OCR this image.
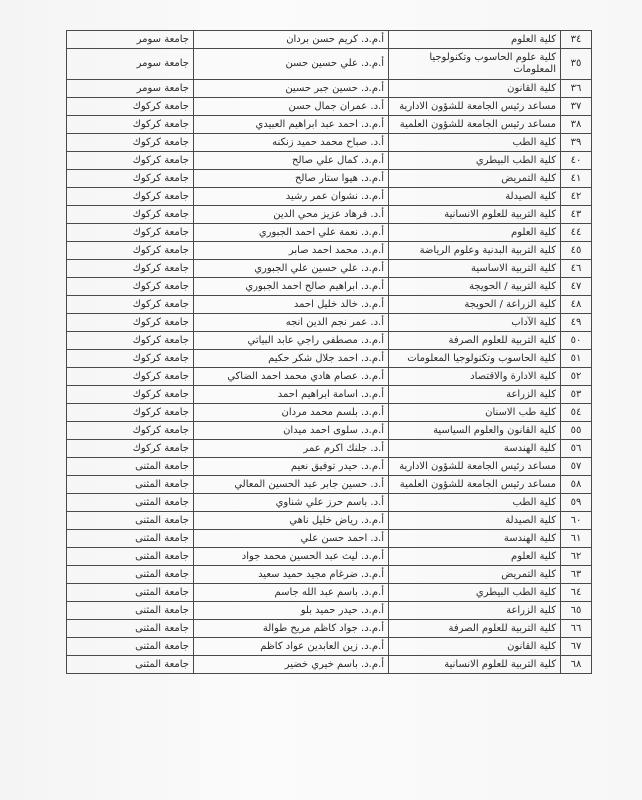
٣٤	كلية العلوم	أ.م.د. كريم حسن بردان	جامعة سومر
٣٥	كلية علوم الحاسوب وتكنولوجيا المعلومات	أ.م.د. علي حسين حسن	جامعة سومر
٣٦	كلية القانون	أ.م.د. حسين جبر حسين	جامعة سومر
٣٧	مساعد رئيس الجامعة للشؤون الادارية	أ.د. عمران جمال حسن	جامعة كركوك
٣٨	مساعد رئيس الجامعة للشؤون العلمية	أ.م.د. احمد عبد ابراهيم العبيدي	جامعة كركوك
٣٩	كلية الطب	أ.د. صباح محمد حميد زنكنه	جامعة كركوك
٤٠	كلية الطب البيطري	أ.م.د. كمال علي صالح	جامعة كركوك
٤١	كلية التمريض	أ.م.د. هيوا ستار صالح	جامعة كركوك
٤٢	كلية الصيدلة	أ.م.د. نشوان عمر رشيد	جامعة كركوك
٤٣	كلية التربية للعلوم الانسانية	أ.د. فرهاد عزيز محي الدين	جامعة كركوك
٤٤	كلية العلوم	أ.م.د. نعمة علي احمد الجبوري	جامعة كركوك
٤٥	كلية التربية البدنية وعلوم الرياضة	أ.م.د. محمد احمد صابر	جامعة كركوك
٤٦	كلية التربية الاساسية	أ.م.د. علي حسين علي الجبوري	جامعة كركوك
٤٧	كلية التربية / الحويجة	أ.م.د. ابراهيم صالح احمد الجبوري	جامعة كركوك
٤٨	كلية الزراعة / الحويجة	أ.م.د. خالد خليل احمد	جامعة كركوك
٤٩	كلية الآداب	أ.د. عمر نجم الدين انجه	جامعة كركوك
٥٠	كلية التربية للعلوم الصرفة	أ.م.د. مصطفى راجي عابد البياتي	جامعة كركوك
٥١	كلية الحاسوب وتكنولوجيا المعلومات	أ.م.د. احمد جلال شكر حكيم	جامعة كركوك
٥٢	كلية الادارة والاقتصاد	أ.م.د. عصام هادي محمد احمد الضاكي	جامعة كركوك
٥٣	كلية الزراعة	أ.م.د. اسامة ابراهيم احمد	جامعة كركوك
٥٤	كلية طب الاسنان	أ.م.د. بلسم محمد مردان	جامعة كركوك
٥٥	كلية القانون والعلوم السياسية	أ.م.د. سلوى احمد ميدان	جامعة كركوك
٥٦	كلية الهندسة	أ.د. جلنك اكرم عمر	جامعة كركوك
٥٧	مساعد رئيس الجامعة للشؤون الادارية	أ.م.د. حيدر توفيق نعيم	جامعة المثنى
٥٨	مساعد رئيس الجامعة للشؤون العلمية	أ.د. حسين جابر عبد الحسين المعالي	جامعة المثنى
٥٩	كلية الطب	أ.د. باسم حرز علي شناوي	جامعة المثنى
٦٠	كلية الصيدلة	أ.م.د. رياض خليل ناهي	جامعة المثنى
٦١	كلية الهندسة	أ.د. احمد حسن علي	جامعة المثنى
٦٢	كلية العلوم	أ.م.د. ليث عبد الحسين محمد جواد	جامعة المثنى
٦٣	كلية التمريض	أ.م.د. ضرغام مجيد حميد سعيد	جامعة المثنى
٦٤	كلية الطب البيطري	أ.م.د. باسم عبد الله جاسم	جامعة المثنى
٦٥	كلية الزراعة	أ.م.د. حيدر حميد بلو	جامعة المثنى
٦٦	كلية التربية للعلوم الصرفة	أ.م.د. جواد كاظم مريح طوالة	جامعة المثنى
٦٧	كلية القانون	أ.م.د. زين العابدين عواد كاظم	جامعة المثنى
٦٨	كلية التربية للعلوم الانسانية	أ.م.د. باسم خيري خضير	جامعة المثنى
